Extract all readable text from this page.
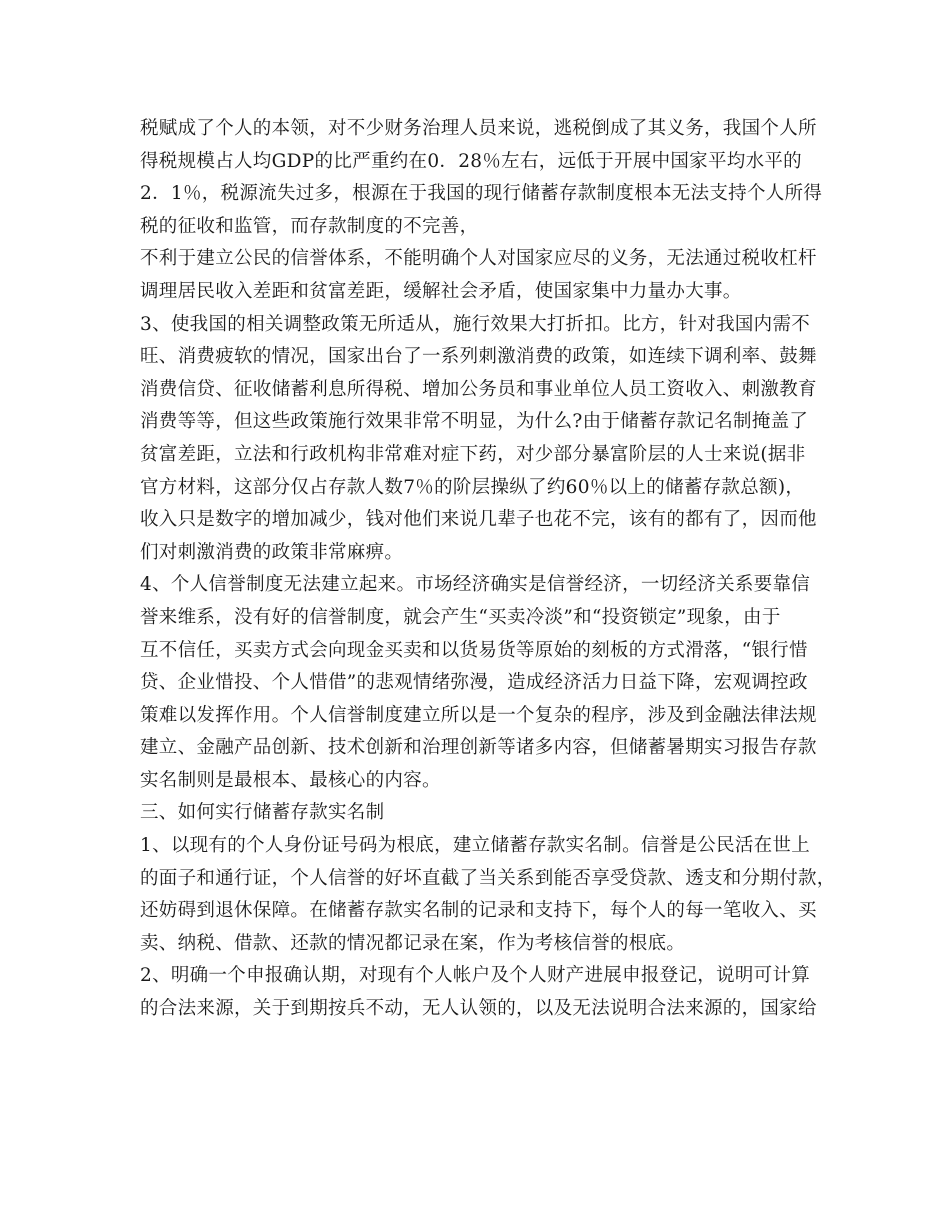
税赋成了个人的本领，对不少财务治理人员来说，逃税倒成了其义务，我国个人所
得税规模占人均GDP的比严重约在0．28％左右，远低于开展中国家平均水平的
2．1％，税源流失过多，根源在于我国的现行储蓄存款制度根本无法支持个人所得
税的征收和监管，而存款制度的不完善，
不利于建立公民的信誉体系，不能明确个人对国家应尽的义务，无法通过税收杠杆
调理居民收入差距和贫富差距，缓解社会矛盾，使国家集中力量办大事。
3、使我国的相关调整政策无所适从，施行效果大打折扣。比方，针对我国内需不
旺、消费疲软的情况，国家出台了一系列刺激消费的政策，如连续下调利率、鼓舞
消费信贷、征收储蓄利息所得税、增加公务员和事业单位人员工资收入、刺激教育
消费等等，但这些政策施行效果非常不明显，为什么?由于储蓄存款记名制掩盖了
贫富差距，立法和行政机构非常难对症下药，对少部分暴富阶层的人士来说(据非
官方材料，这部分仅占存款人数7％的阶层操纵了约60％以上的储蓄存款总额)，
收入只是数字的增加减少，钱对他们来说几辈子也花不完，该有的都有了，因而他
们对刺激消费的政策非常麻痹。
4、个人信誉制度无法建立起来。市场经济确实是信誉经济，一切经济关系要靠信
誉来维系，没有好的信誉制度，就会产生“买卖冷淡”和“投资锁定”现象，由于
互不信任，买卖方式会向现金买卖和以货易货等原始的刻板的方式滑落，“银行惜
贷、企业惜投、个人惜借”的悲观情绪弥漫，造成经济活力日益下降，宏观调控政
策难以发挥作用。个人信誉制度建立所以是一个复杂的程序，涉及到金融法律法规
建立、金融产品创新、技术创新和治理创新等诸多内容，但储蓄暑期实习报告存款
实名制则是最根本、最核心的内容。
三、如何实行储蓄存款实名制
1、以现有的个人身份证号码为根底，建立储蓄存款实名制。信誉是公民活在世上
的面子和通行证，个人信誉的好坏直截了当关系到能否享受贷款、透支和分期付款，
还妨碍到退休保障。在储蓄存款实名制的记录和支持下，每个人的每一笔收入、买
卖、纳税、借款、还款的情况都记录在案，作为考核信誉的根底。
2、明确一个申报确认期，对现有个人帐户及个人财产进展申报登记，说明可计算
的合法来源，关于到期按兵不动，无人认领的，以及无法说明合法来源的，国家给
